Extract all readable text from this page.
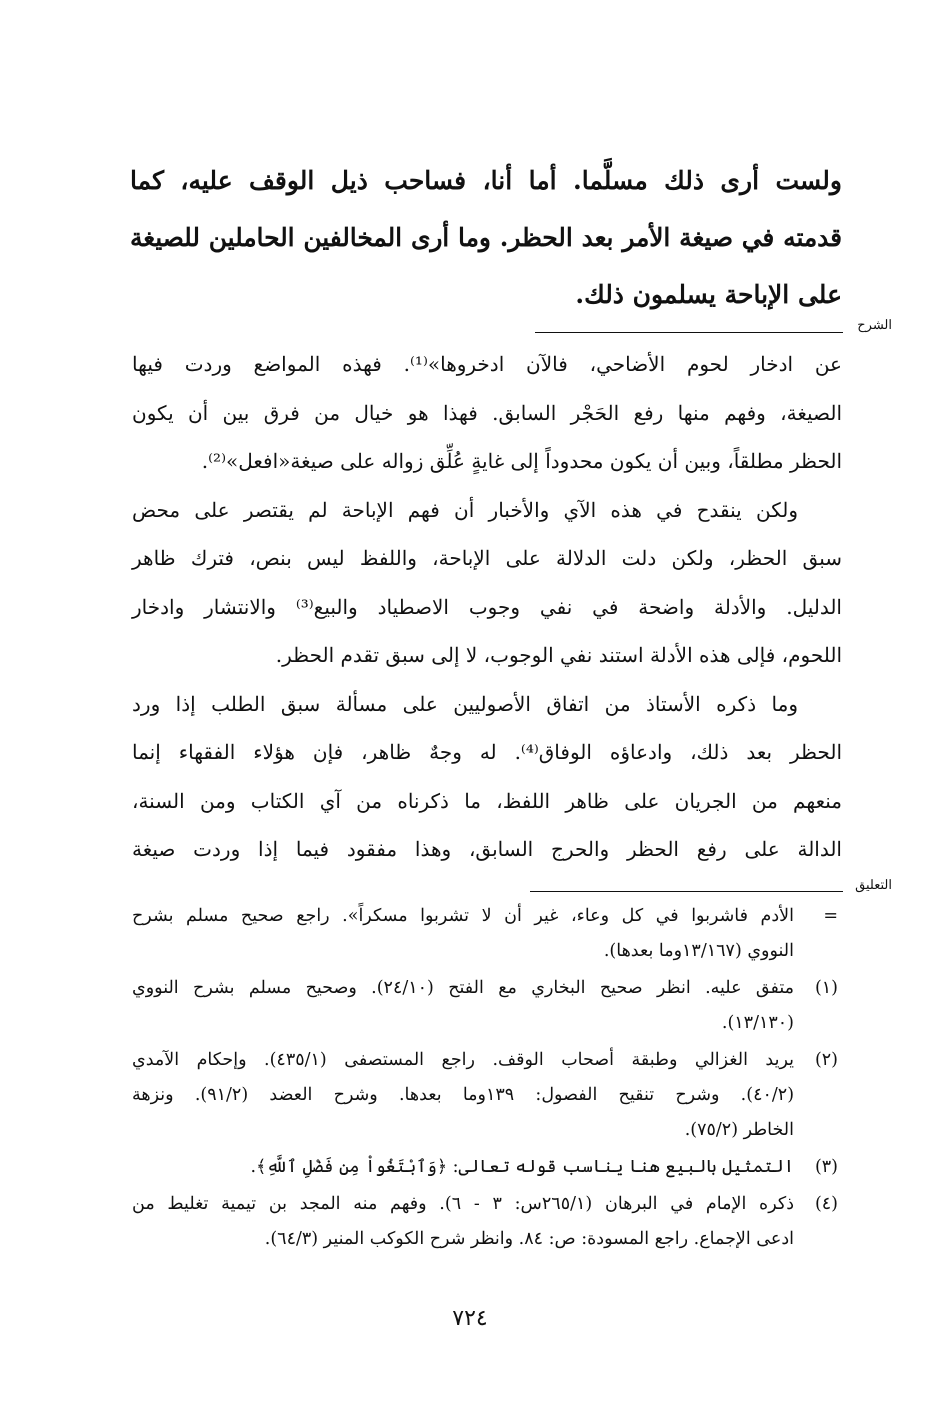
ولست أرى ذلك مسلَّما. أما أنا، فساحب ذيل الوقف عليه، كما
قدمته في صيغة الأمر بعد الحظر. وما أرى المخالفين الحاملين للصيغة
على الإباحة يسلمون ذلك.
الشرح
عن ادخار لحوم الأضاحي، فالآن ادخروها»⁽¹⁾. فهذه المواضع وردت فيها
الصيغة، وفهم منها رفع الحَجْر السابق. فهذا هو خيال من فرق بين أن يكون
الحظر مطلقاً، وبين أن يكون محدوداً إلى غايةٍ عُلِّق زواله على صيغة«افعل»⁽²⁾.
ولكن ينقدح في هذه الآي والأخبار أن فهم الإباحة لم يقتصر على محض
سبق الحظر، ولكن دلت الدلالة على الإباحة، واللفظ ليس بنص، فترك ظاهر
الدليل. والأدلة واضحة في نفي وجوب الاصطياد والبيع⁽³⁾ والانتشار وادخار
اللحوم، فإلى هذه الأدلة استند نفي الوجوب، لا إلى سبق تقدم الحظر.
وما ذكره الأستاذ من اتفاق الأصوليين على مسألة سبق الطلب إذا ورد
الحظر بعد ذلك، وادعاؤه الوفاق⁽⁴⁾. له وجهٌ ظاهر، فإن هؤلاء الفقهاء إنما
منعهم من الجريان على ظاهر اللفظ، ما ذكرناه من آي الكتاب ومن السنة،
الدالة على رفع الحظر والحرج السابق، وهذا مفقود فيما إذا وردت صيغة
التعليق
=
الأدم فاشربوا في كل وعاء، غير أن لا تشربوا مسكراً». راجع صحيح مسلم بشرح
النووي (١٣/١٦٧وما بعدها).
(١)
متفق عليه. انظر صحيح البخاري مع الفتح (٢٤/١٠). وصحيح مسلم بشرح النووي
(١٣/١٣٠).
(٢)
يريد الغزالي وطبقة أصحاب الوقف. راجع المستصفى (٤٣٥/١). وإحكام الآمدي
(٤٠/٢). وشرح تنقيح الفصول: ١٣٩وما بعدها. وشرح العضد (٩١/٢). ونزهة
الخاطر (٧٥/٢).
(٣)
التمثيل بالبيع هنا يناسب قوله تعالى: ﴿وَٱبْتَغُواْ مِن فَضْلِ ٱللَّهِ﴾.
(٤)
ذكره الإمام في البرهان (٢٦٥/١س: ٣ - ٦). وفهم منه المجد بن تيمية تغليط من
ادعى الإجماع. راجع المسودة: ص: ٨٤. وانظر شرح الكوكب المنير (٦٤/٣).
٧٢٤
